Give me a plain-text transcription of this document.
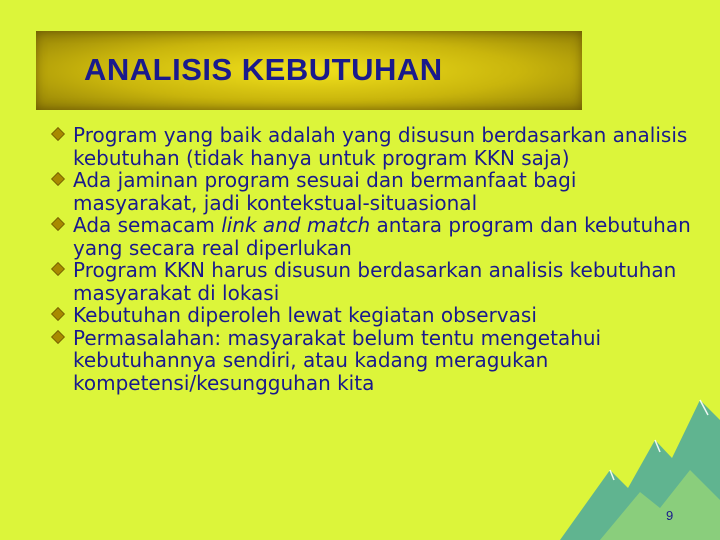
ANALISIS KEBUTUHAN
Program yang baik adalah yang disusun berdasarkan analisis kebutuhan (tidak hanya untuk program KKN saja)
Ada jaminan program sesuai dan bermanfaat bagi masyarakat, jadi kontekstual-situasional
Ada semacam link and match antara program dan kebutuhan yang secara real diperlukan
Program KKN harus disusun berdasarkan analisis kebutuhan masyarakat di lokasi
Kebutuhan diperoleh lewat kegiatan observasi
Permasalahan: masyarakat belum tentu mengetahui kebutuhannya sendiri, atau kadang meragukan kompetensi/kesungguhan kita
9
